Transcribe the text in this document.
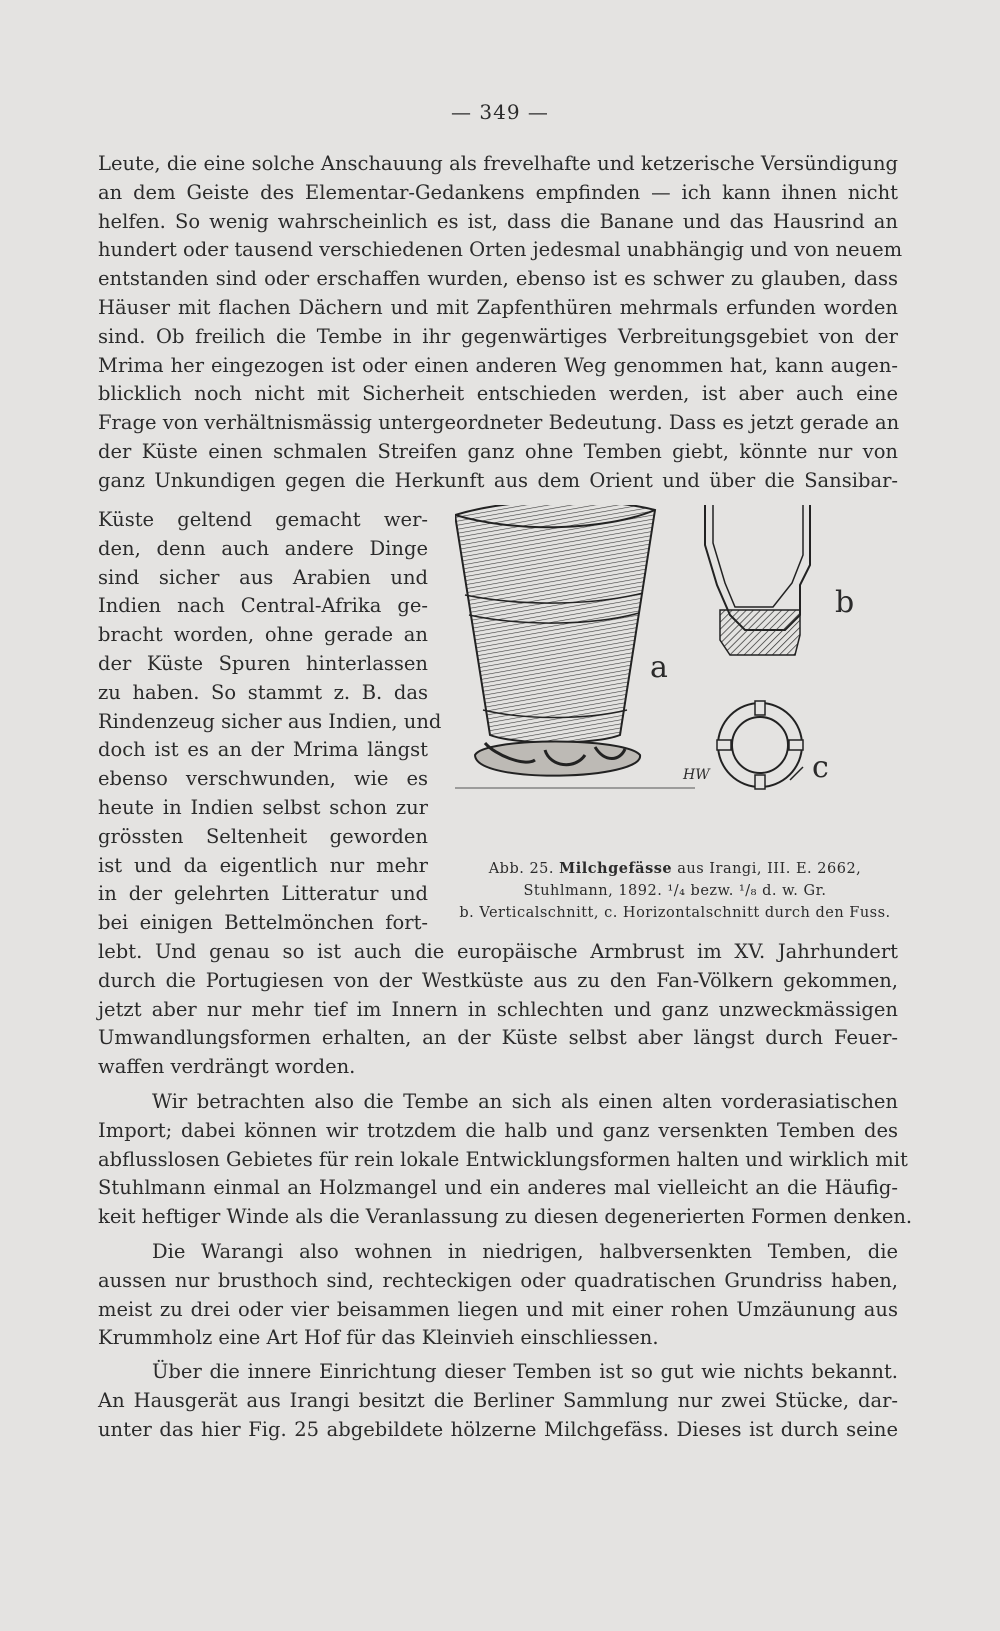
— 349 —
Leute, die eine solche Anschauung als frevelhafte und ketzerische Versündigung
an dem Geiste des Elementar-Gedankens empfinden — ich kann ihnen nicht
helfen. So wenig wahrscheinlich es ist, dass die Banane und das Hausrind an
hundert oder tausend verschiedenen Orten jedesmal unabhängig und von neuem
entstanden sind oder erschaffen wurden, ebenso ist es schwer zu glauben, dass
Häuser mit flachen Dächern und mit Zapfenthüren mehrmals erfunden worden
sind. Ob freilich die Tembe in ihr gegenwärtiges Verbreitungsgebiet von der
Mrima her eingezogen ist oder einen anderen Weg genommen hat, kann augen-
blicklich noch nicht mit Sicherheit entschieden werden, ist aber auch eine
Frage von verhältnismässig untergeordneter Bedeutung. Dass es jetzt gerade an
der Küste einen schmalen Streifen ganz ohne Temben giebt, könnte nur von
ganz Unkundigen gegen die Herkunft aus dem Orient und über die Sansibar-
Küste geltend gemacht wer-
den, denn auch andere Dinge
sind sicher aus Arabien und
Indien nach Central-Afrika ge-
bracht worden, ohne gerade an
der Küste Spuren hinterlassen
zu haben. So stammt z. B. das
Rindenzeug sicher aus Indien, und
doch ist es an der Mrima längst
ebenso verschwunden, wie es
heute in Indien selbst schon zur
grössten Seltenheit geworden
ist und da eigentlich nur mehr
in der gelehrten Litteratur und
bei einigen Bettelmönchen fort-
a
b
c
HW
Abb. 25. Milchgefässe aus Irangi, III. E. 2662,
Stuhlmann, 1892. ¹/₄ bezw. ¹/₈ d. w. Gr.
b. Verticalschnitt, c. Horizontalschnitt durch den Fuss.
lebt. Und genau so ist auch die europäische Armbrust im XV. Jahrhundert
durch die Portugiesen von der Westküste aus zu den Fan-Völkern gekommen,
jetzt aber nur mehr tief im Innern in schlechten und ganz unzweckmässigen
Umwandlungsformen erhalten, an der Küste selbst aber längst durch Feuer-
waffen verdrängt worden.
Wir betrachten also die Tembe an sich als einen alten vorderasiatischen
Import; dabei können wir trotzdem die halb und ganz versenkten Temben des
abflusslosen Gebietes für rein lokale Entwicklungsformen halten und wirklich mit
Stuhlmann einmal an Holzmangel und ein anderes mal vielleicht an die Häufig-
keit heftiger Winde als die Veranlassung zu diesen degenerierten Formen denken.
Die Warangi also wohnen in niedrigen, halbversenkten Temben, die
aussen nur brusthoch sind, rechteckigen oder quadratischen Grundriss haben,
meist zu drei oder vier beisammen liegen und mit einer rohen Umzäunung aus
Krummholz eine Art Hof für das Kleinvieh einschliessen.
Über die innere Einrichtung dieser Temben ist so gut wie nichts bekannt.
An Hausgerät aus Irangi besitzt die Berliner Sammlung nur zwei Stücke, dar-
unter das hier Fig. 25 abgebildete hölzerne Milchgefäss. Dieses ist durch seine
